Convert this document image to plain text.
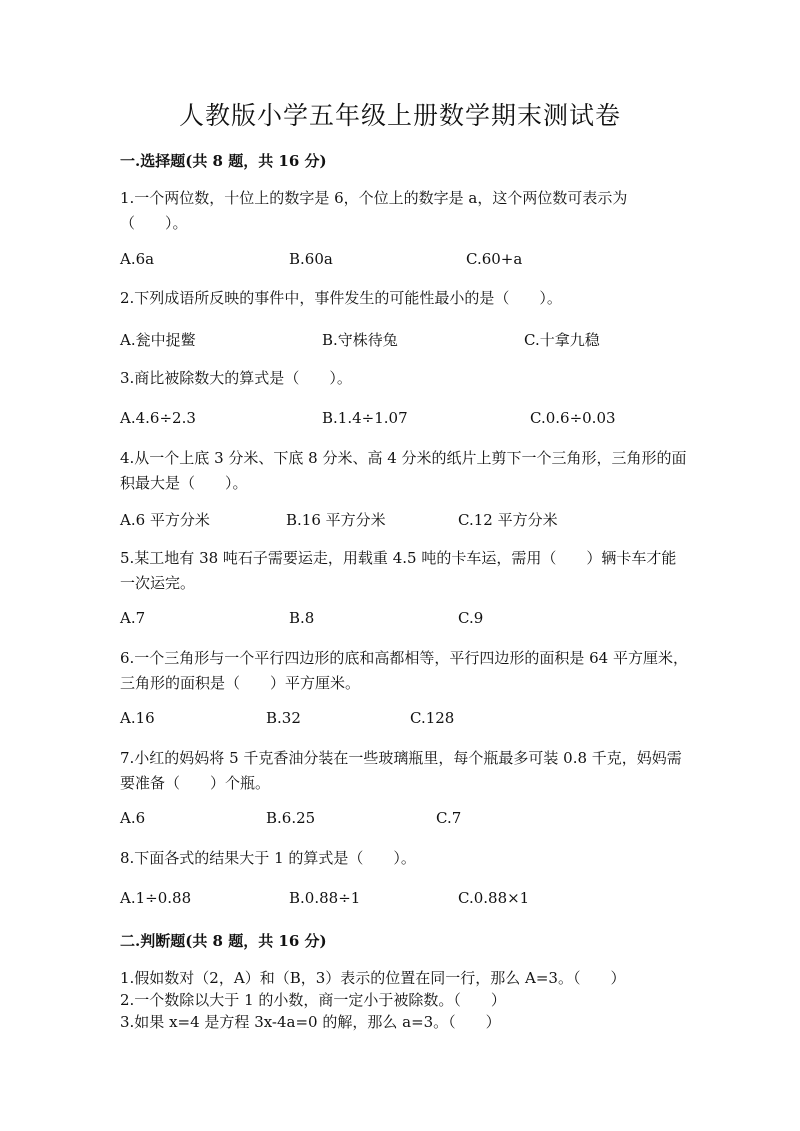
人教版小学五年级上册数学期末测试卷
一.选择题(共 8 题，共 16 分)
1.一个两位数，十位上的数字是 6，个位上的数字是 a，这个两位数可表示为（　　）。
A.6a	B.60a	C.60+a
2.下列成语所反映的事件中，事件发生的可能性最小的是（　　）。
A.瓮中捉鳖	B.守株待兔	C.十拿九稳
3.商比被除数大的算式是（　　）。
A.4.6÷2.3	B.1.4÷1.07	C.0.6÷0.03
4.从一个上底 3 分米、下底 8 分米、高 4 分米的纸片上剪下一个三角形，三角形的面积最大是（　　）。
A.6 平方分米	B.16 平方分米	C.12 平方分米
5.某工地有 38 吨石子需要运走，用载重 4.5 吨的卡车运，需用（　　）辆卡车才能一次运完。
A.7	B.8	C.9
6.一个三角形与一个平行四边形的底和高都相等，平行四边形的面积是 64 平方厘米，三角形的面积是（　　）平方厘米。
A.16	B.32	C.128
7.小红的妈妈将 5 千克香油分装在一些玻璃瓶里，每个瓶最多可装 0.8 千克，妈妈需要准备（　　）个瓶。
A.6	B.6.25	C.7
8.下面各式的结果大于 1 的算式是（　　）。
A.1÷0.88	B.0.88÷1	C.0.88×1
二.判断题(共 8 题，共 16 分)
1.假如数对（2，A）和（B，3）表示的位置在同一行，那么 A=3。（　　）
2.一个数除以大于 1 的小数，商一定小于被除数。（　　）
3.如果 x=4 是方程 3x-4a=0 的解，那么 a=3。（　　）
